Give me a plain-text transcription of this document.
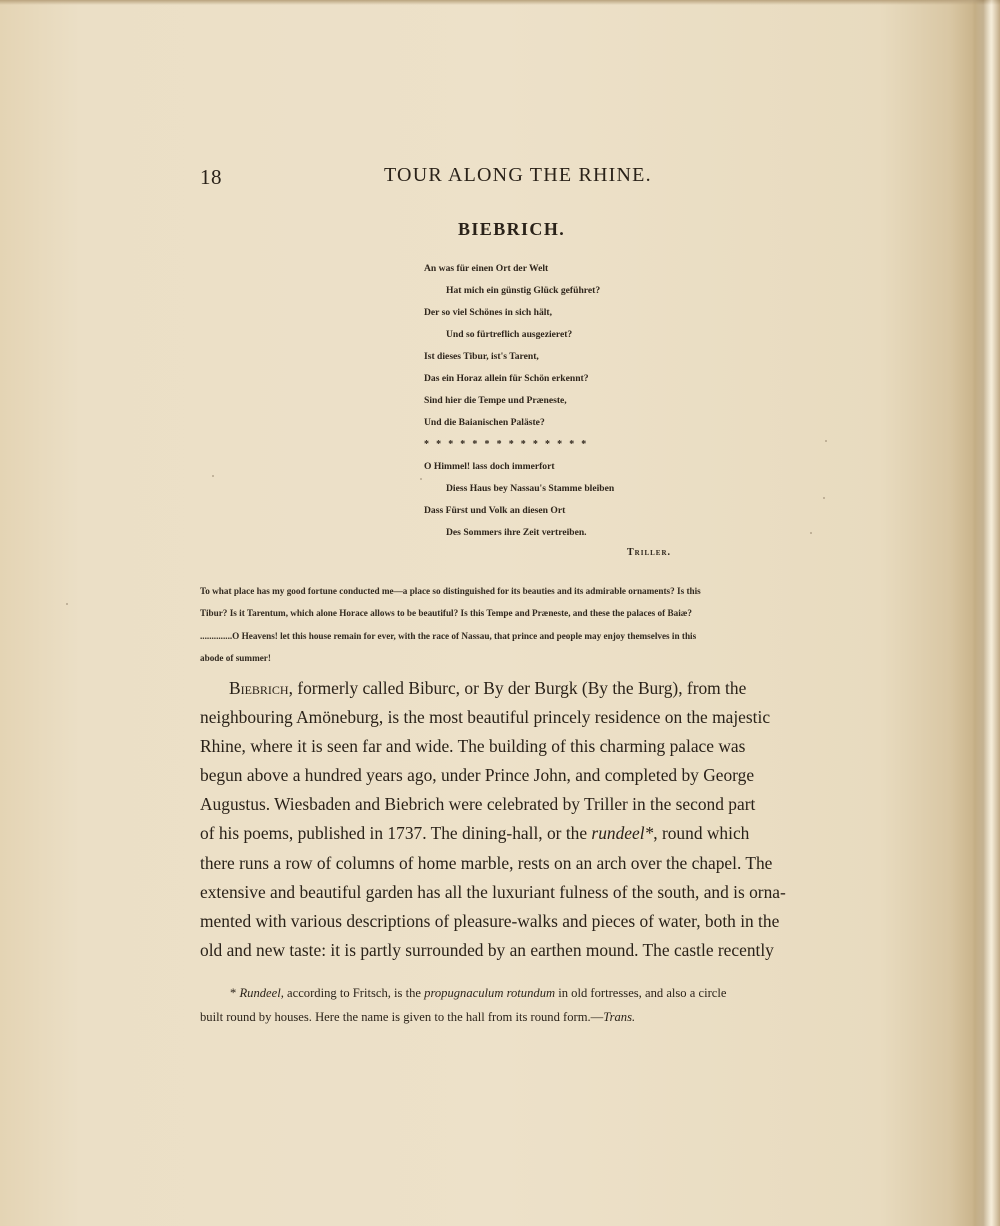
18	TOUR ALONG THE RHINE.
BIEBRICH.
An was für einen Ort der Welt
Hat mich ein günstig Glück geführet?
Der so viel Schönes in sich hält,
Und so fürtreflich ausgezieret?
Ist dieses Tibur, ist's Tarent,
Das ein Horaz allein für Schön erkennt?
Sind hier die Tempe und Præneste,
Und die Baianischen Paläste?
* * * * * * * * * * * * * *
O Himmel! lass doch immerfort
Diess Haus bey Nassau's Stamme bleiben
Dass Fürst und Volk an diesen Ort
Des Sommers ihre Zeit vertreiben.
Triller.
To what place has my good fortune conducted me—a place so distinguished for its beauties and its admirable ornaments? Is this
Tibur? Is it Tarentum, which alone Horace allows to be beautiful? Is this Tempe and Præneste, and these the palaces of Baiæ?
..............O Heavens! let this house remain for ever, with the race of Nassau, that prince and people may enjoy themselves in this
abode of summer!
Biebrich, formerly called Biburc, or By der Burgk (By the Burg), from the
neighbouring Amöneburg, is the most beautiful princely residence on the majestic
Rhine, where it is seen far and wide. The building of this charming palace was
begun above a hundred years ago, under Prince John, and completed by George
Augustus. Wiesbaden and Biebrich were celebrated by Triller in the second part
of his poems, published in 1737. The dining-hall, or the rundeel*, round which
there runs a row of columns of home marble, rests on an arch over the chapel. The
extensive and beautiful garden has all the luxuriant fulness of the south, and is orna-
mented with various descriptions of pleasure-walks and pieces of water, both in the
old and new taste: it is partly surrounded by an earthen mound. The castle recently
* Rundeel, according to Fritsch, is the propugnaculum rotundum in old fortresses, and also a circle
built round by houses. Here the name is given to the hall from its round form.—Trans.
